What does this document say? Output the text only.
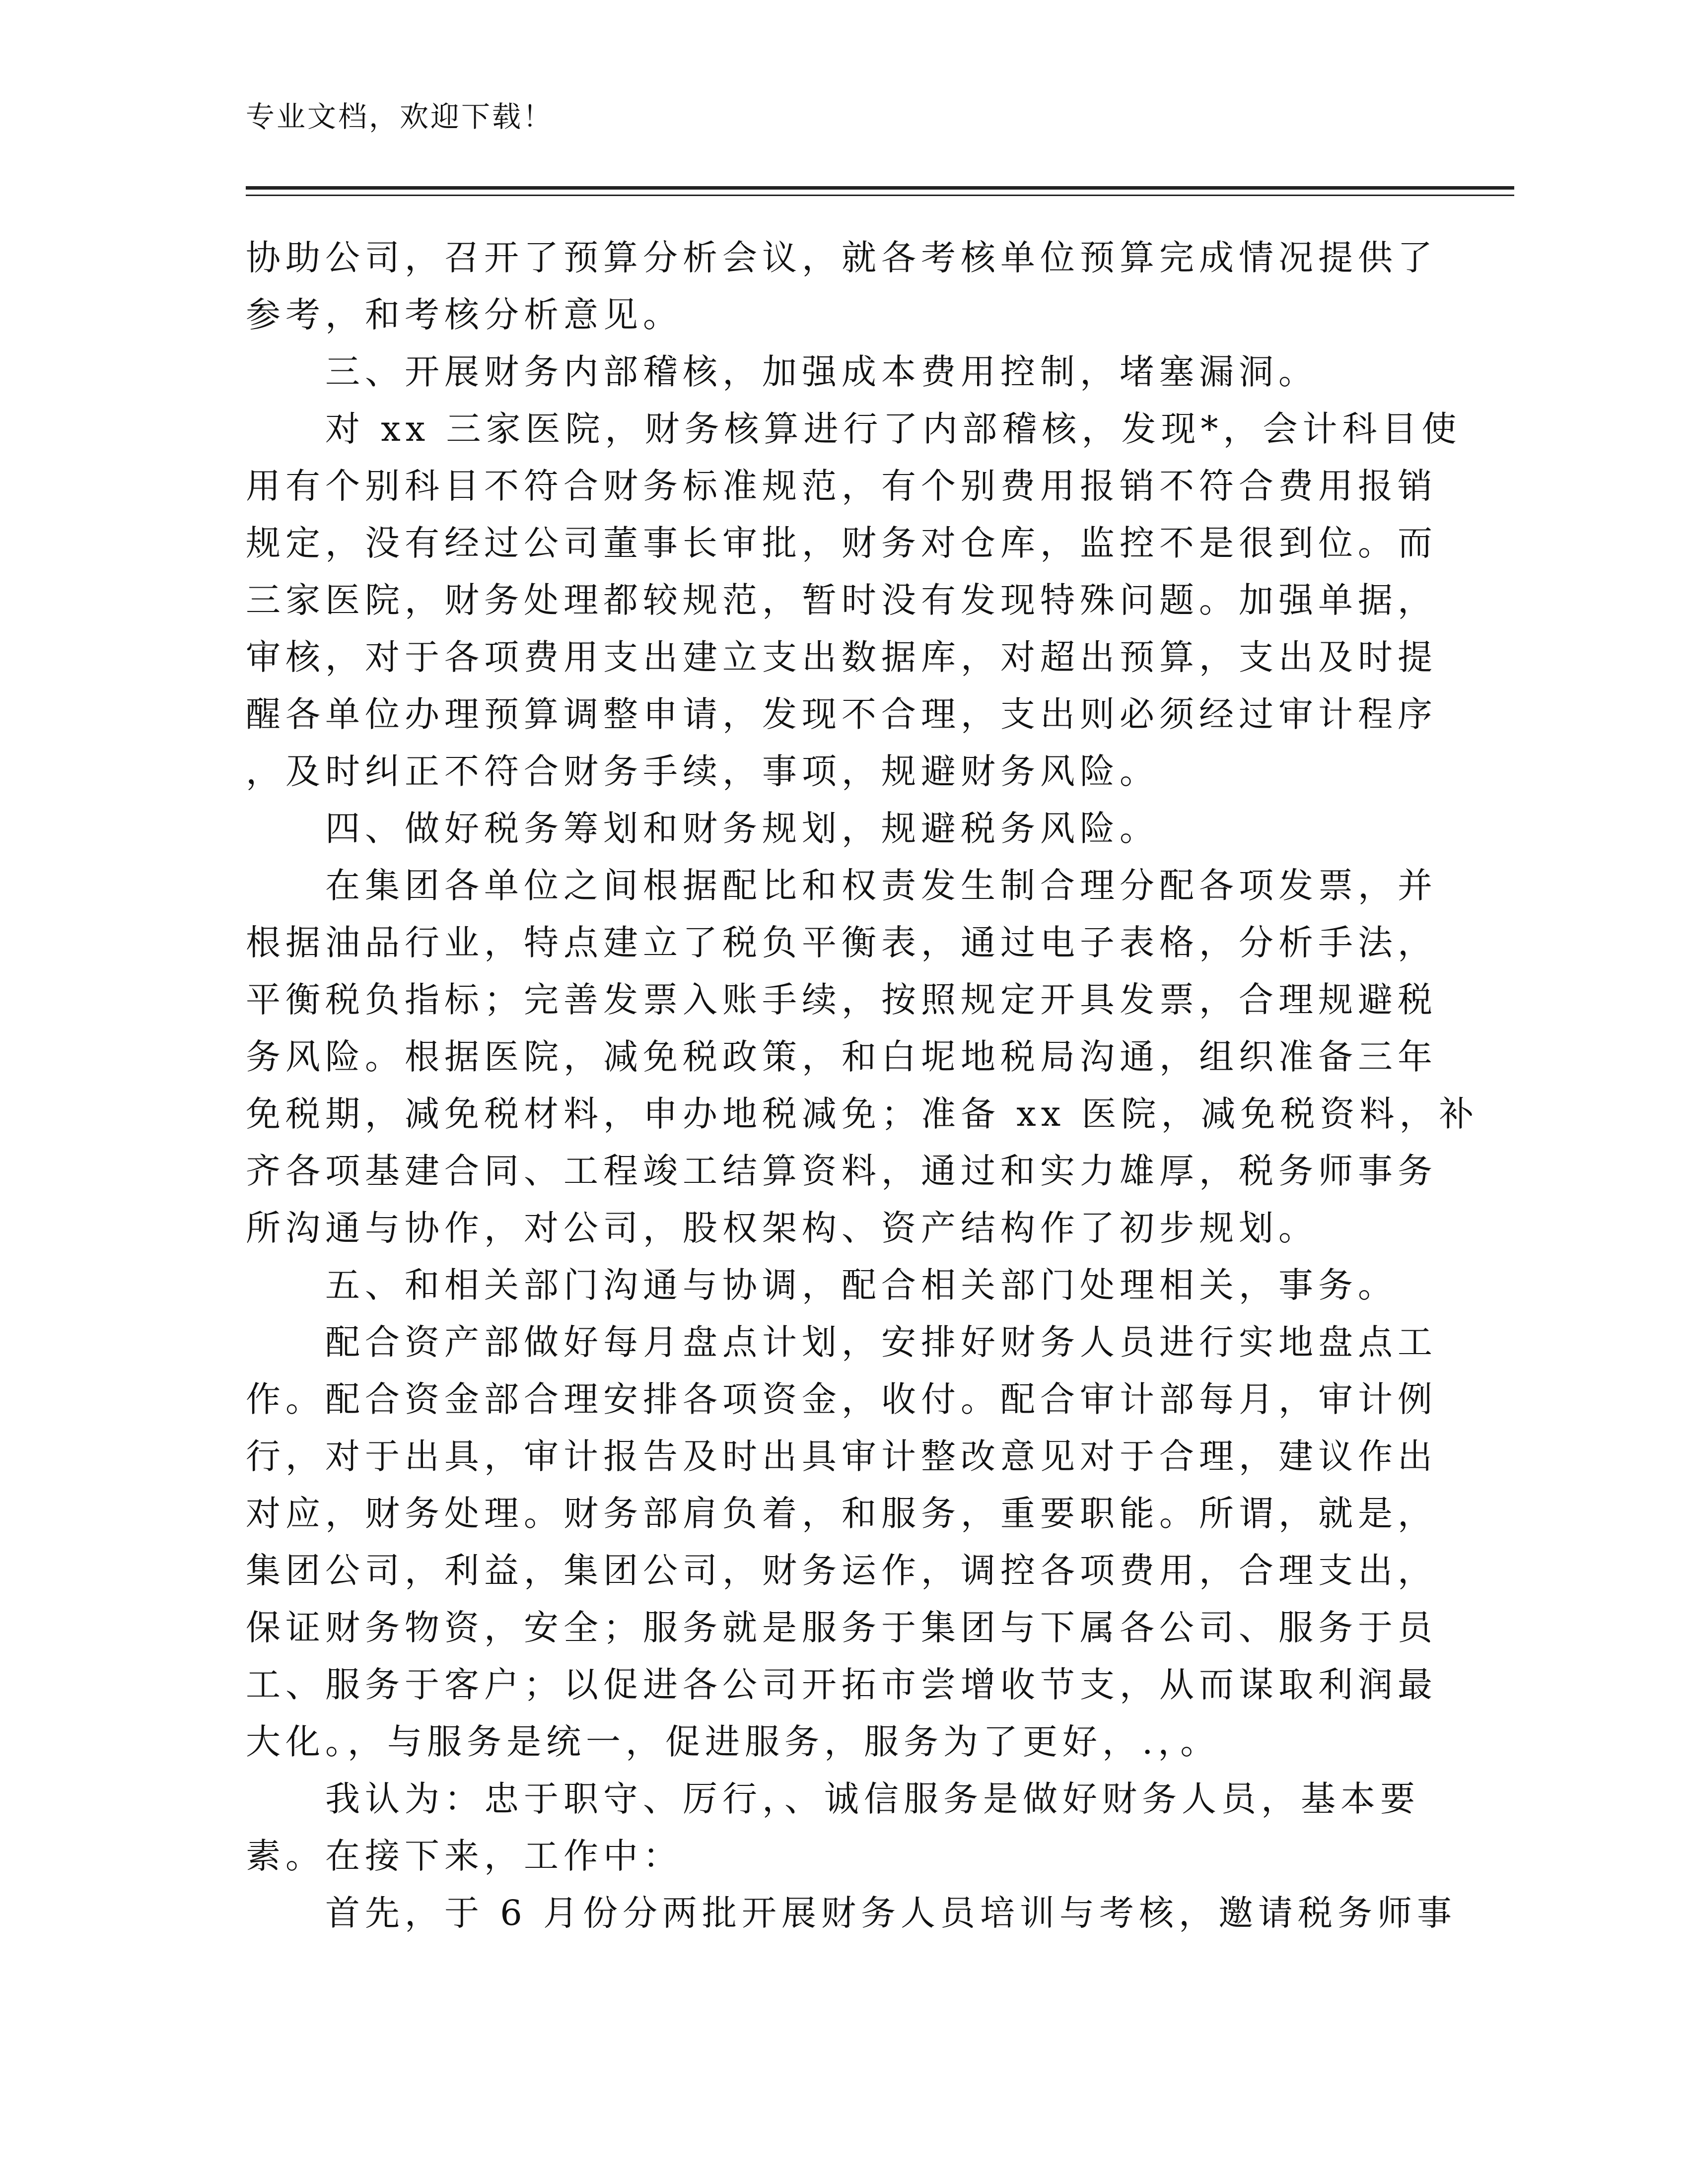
专业文档，欢迎下载！
协助公司，召开了预算分析会议，就各考核单位预算完成情况提供了
参考，和考核分析意见。
三、开展财务内部稽核，加强成本费用控制，堵塞漏洞。
对 xx 三家医院，财务核算进行了内部稽核，发现*，会计科目使
用有个别科目不符合财务标准规范，有个别费用报销不符合费用报销
规定，没有经过公司董事长审批，财务对仓库，监控不是很到位。而
三家医院，财务处理都较规范，暂时没有发现特殊问题。加强单据，
审核，对于各项费用支出建立支出数据库，对超出预算，支出及时提
醒各单位办理预算调整申请，发现不合理，支出则必须经过审计程序
，及时纠正不符合财务手续，事项，规避财务风险。
四、做好税务筹划和财务规划，规避税务风险。
在集团各单位之间根据配比和权责发生制合理分配各项发票，并
根据油品行业，特点建立了税负平衡表，通过电子表格，分析手法，
平衡税负指标；完善发票入账手续，按照规定开具发票，合理规避税
务风险。根据医院，减免税政策，和白坭地税局沟通，组织准备三年
免税期，减免税材料，申办地税减免；准备 xx 医院，减免税资料，补
齐各项基建合同、工程竣工结算资料，通过和实力雄厚，税务师事务
所沟通与协作，对公司，股权架构、资产结构作了初步规划。
五、和相关部门沟通与协调，配合相关部门处理相关，事务。
配合资产部做好每月盘点计划，安排好财务人员进行实地盘点工
作。配合资金部合理安排各项资金，收付。配合审计部每月，审计例
行，对于出具，审计报告及时出具审计整改意见对于合理，建议作出
对应，财务处理。财务部肩负着，和服务，重要职能。所谓，就是，
集团公司，利益，集团公司，财务运作，调控各项费用，合理支出，
保证财务物资，安全；服务就是服务于集团与下属各公司、服务于员
工、服务于客户；以促进各公司开拓市尝增收节支，从而谋取利润最
大化。，与服务是统一，促进服务，服务为了更好，.，。
我认为：忠于职守、厉行，、诚信服务是做好财务人员，基本要
素。在接下来，工作中：
首先，于 6 月份分两批开展财务人员培训与考核，邀请税务师事
